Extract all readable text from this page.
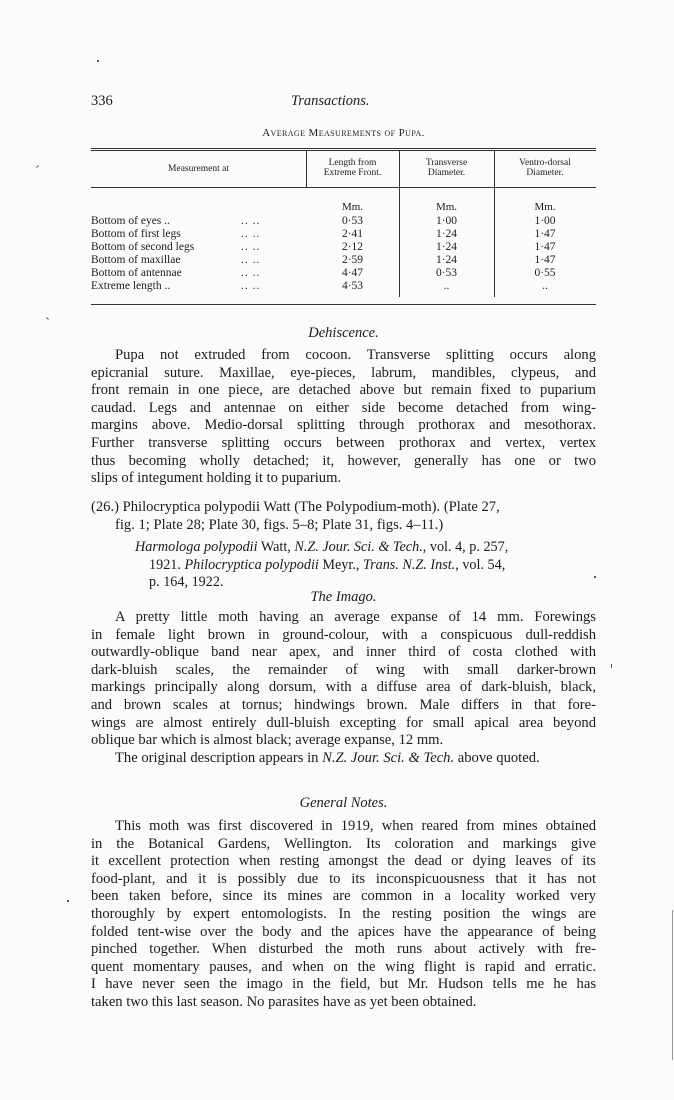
336	Transactions.
Average Measurements of Pupa.
Measurement at
Length from
Extreme Front.
Transverse
Diameter.
Ventro-dorsal
Diameter.
Mm.	Mm.	Mm.
Bottom of eyes ..	.. ..	0·53	1·00	1·00
Bottom of first legs	.. ..	2·41	1·24	1·47
Bottom of second legs	.. ..	2·12	1·24	1·47
Bottom of maxillae	.. ..	2·59	1·24	1·47
Bottom of antennae	.. ..	4·47	0·53	0·55
Extreme length ..	.. ..	4·53	..	..
Dehiscence.
Pupa not extruded from cocoon. Transverse splitting occurs along
epicranial suture. Maxillae, eye-pieces, labrum, mandibles, clypeus, and
front remain in one piece, are detached above but remain fixed to puparium
caudad. Legs and antennae on either side become detached from wing-
margins above. Medio-dorsal splitting through prothorax and mesothorax.
Further transverse splitting occurs between prothorax and vertex, vertex
thus becoming wholly detached; it, however, generally has one or two
slips of integument holding it to puparium.
(26.) Philocryptica polypodii Watt (The Polypodium-moth). (Plate 27,
fig. 1; Plate 28; Plate 30, figs. 5–8; Plate 31, figs. 4–11.)
Harmologa polypodii Watt, N.Z. Jour. Sci. & Tech., vol. 4, p. 257,
1921. Philocryptica polypodii Meyr., Trans. N.Z. Inst., vol. 54,
p. 164, 1922.
The Imago.
A pretty little moth having an average expanse of 14 mm. Forewings
in female light brown in ground-colour, with a conspicuous dull-reddish
outwardly-oblique band near apex, and inner third of costa clothed with
dark-bluish scales, the remainder of wing with small darker-brown
markings principally along dorsum, with a diffuse area of dark-bluish, black,
and brown scales at tornus; hindwings brown. Male differs in that fore-
wings are almost entirely dull-bluish excepting for small apical area beyond
oblique bar which is almost black; average expanse, 12 mm.
The original description appears in N.Z. Jour. Sci. & Tech. above quoted.
General Notes.
This moth was first discovered in 1919, when reared from mines obtained
in the Botanical Gardens, Wellington. Its coloration and markings give
it excellent protection when resting amongst the dead or dying leaves of its
food-plant, and it is possibly due to its inconspicuousness that it has not
been taken before, since its mines are common in a locality worked very
thoroughly by expert entomologists. In the resting position the wings are
folded tent-wise over the body and the apices have the appearance of being
pinched together. When disturbed the moth runs about actively with fre-
quent momentary pauses, and when on the wing flight is rapid and erratic.
I have never seen the imago in the field, but Mr. Hudson tells me he has
taken two this last season. No parasites have as yet been obtained.
